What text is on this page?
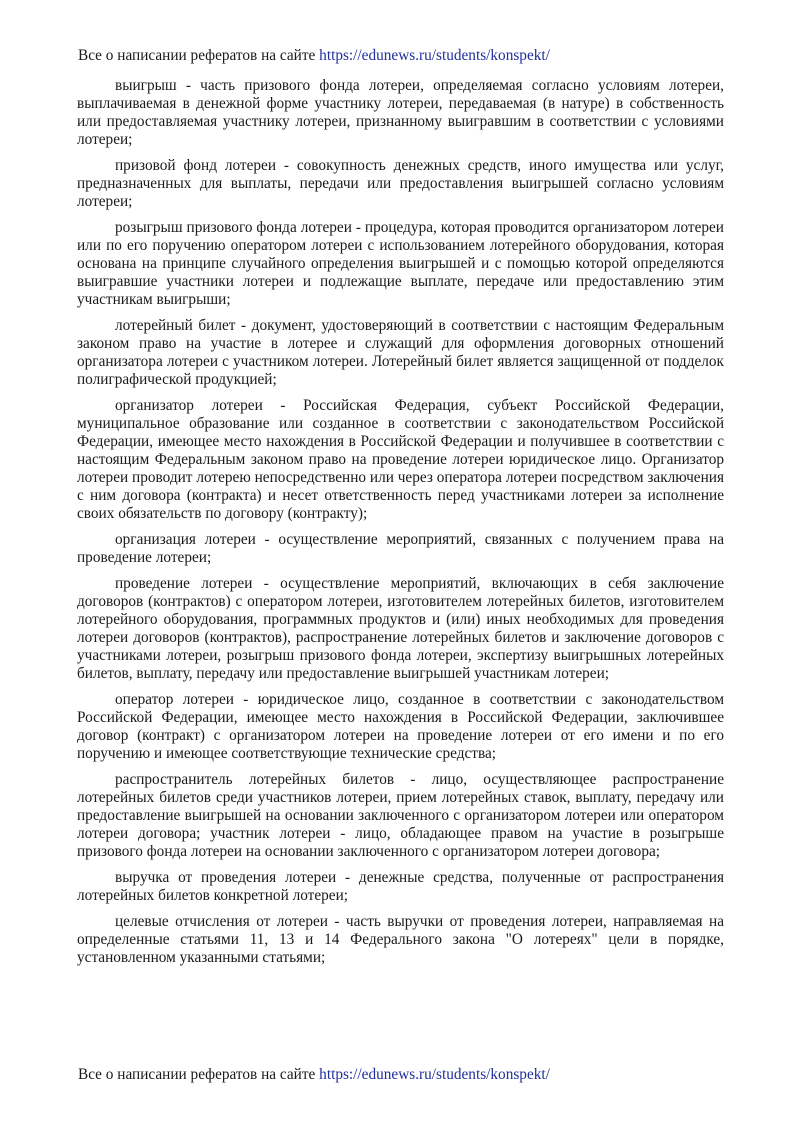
Все о написании рефератов на сайте https://edunews.ru/students/konspekt/

выигрыш - часть призового фонда лотереи, определяемая согласно условиям лотереи, выплачиваемая в денежной форме участнику лотереи, передаваемая (в натуре) в собственность или предоставляемая участнику лотереи, признанному выигравшим в соответствии с условиями лотереи;

призовой фонд лотереи - совокупность денежных средств, иного имущества или услуг, предназначенных для выплаты, передачи или предоставления выигрышей согласно условиям лотереи;

розыгрыш призового фонда лотереи - процедура, которая проводится организатором лотереи или по его поручению оператором лотереи с использованием лотерейного оборудования, которая основана на принципе случайного определения выигрышей и с помощью которой определяются выигравшие участники лотереи и подлежащие выплате, передаче или предоставлению этим участникам выигрыши;

лотерейный билет - документ, удостоверяющий в соответствии с настоящим Федеральным законом право на участие в лотерее и служащий для оформления договорных отношений организатора лотереи с участником лотереи. Лотерейный билет является защищенной от подделок полиграфической продукцией;

организатор лотереи - Российская Федерация, субъект Российской Федерации, муниципальное образование или созданное в соответствии с законодательством Российской Федерации, имеющее место нахождения в Российской Федерации и получившее в соответствии с настоящим Федеральным законом право на проведение лотереи юридическое лицо. Организатор лотереи проводит лотерею непосредственно или через оператора лотереи посредством заключения с ним договора (контракта) и несет ответственность перед участниками лотереи за исполнение своих обязательств по договору (контракту);

организация лотереи - осуществление мероприятий, связанных с получением права на проведение лотереи;

проведение лотереи - осуществление мероприятий, включающих в себя заключение договоров (контрактов) с оператором лотереи, изготовителем лотерейных билетов, изготовителем лотерейного оборудования, программных продуктов и (или) иных необходимых для проведения лотереи договоров (контрактов), распространение лотерейных билетов и заключение договоров с участниками лотереи, розыгрыш призового фонда лотереи, экспертизу выигрышных лотерейных билетов, выплату, передачу или предоставление выигрышей участникам лотереи;

оператор лотереи - юридическое лицо, созданное в соответствии с законодательством Российской Федерации, имеющее место нахождения в Российской Федерации, заключившее договор (контракт) с организатором лотереи на проведение лотереи от его имени и по его поручению и имеющее соответствующие технические средства;

распространитель лотерейных билетов - лицо, осуществляющее распространение лотерейных билетов среди участников лотереи, прием лотерейных ставок, выплату, передачу или предоставление выигрышей на основании заключенного с организатором лотереи или оператором лотереи договора; участник лотереи - лицо, обладающее правом на участие в розыгрыше призового фонда лотереи на основании заключенного с организатором лотереи договора;

выручка от проведения лотереи - денежные средства, полученные от распространения лотерейных билетов конкретной лотереи;

целевые отчисления от лотереи - часть выручки от проведения лотереи, направляемая на определенные статьями 11, 13 и 14 Федерального закона "О лотереях" цели в порядке, установленном указанными статьями;

Все о написании рефератов на сайте https://edunews.ru/students/konspekt/
